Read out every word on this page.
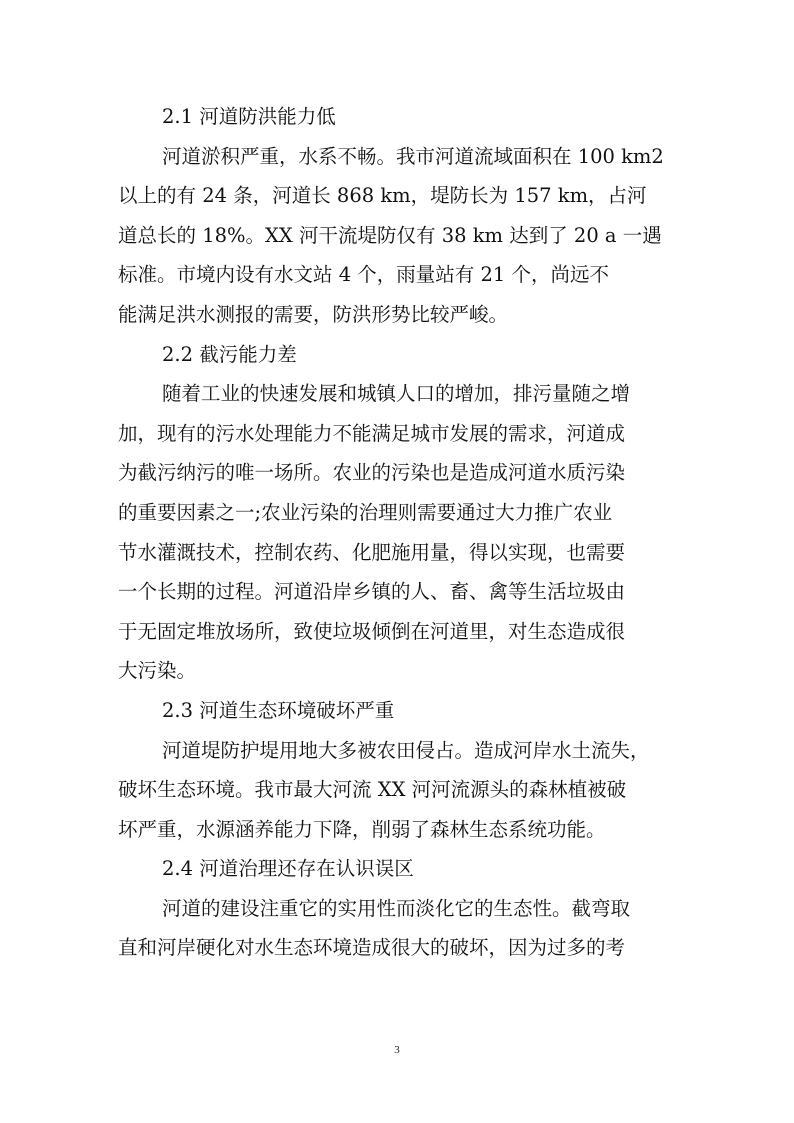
2.1 河道防洪能力低
河道淤积严重，水系不畅。我市河道流域面积在 100 km2
以上的有 24 条，河道长 868 km，堤防长为 157 km，占河
道总长的 18%。XX 河干流堤防仅有 38 km 达到了 20 a 一遇
标准。市境内设有水文站 4 个，雨量站有 21 个，尚远不
能满足洪水测报的需要，防洪形势比较严峻。
2.2 截污能力差
随着工业的快速发展和城镇人口的增加，排污量随之增
加，现有的污水处理能力不能满足城市发展的需求，河道成
为截污纳污的唯一场所。农业的污染也是造成河道水质污染
的重要因素之一;农业污染的治理则需要通过大力推广农业
节水灌溉技术，控制农药、化肥施用量，得以实现，也需要
一个长期的过程。河道沿岸乡镇的人、畜、禽等生活垃圾由
于无固定堆放场所，致使垃圾倾倒在河道里，对生态造成很
大污染。
2.3 河道生态环境破坏严重
河道堤防护堤用地大多被农田侵占。造成河岸水土流失，
破坏生态环境。我市最大河流 XX 河河流源头的森林植被破
坏严重，水源涵养能力下降，削弱了森林生态系统功能。
2.4 河道治理还存在认识误区
河道的建设注重它的实用性而淡化它的生态性。截弯取
直和河岸硬化对水生态环境造成很大的破坏，因为过多的考
3
